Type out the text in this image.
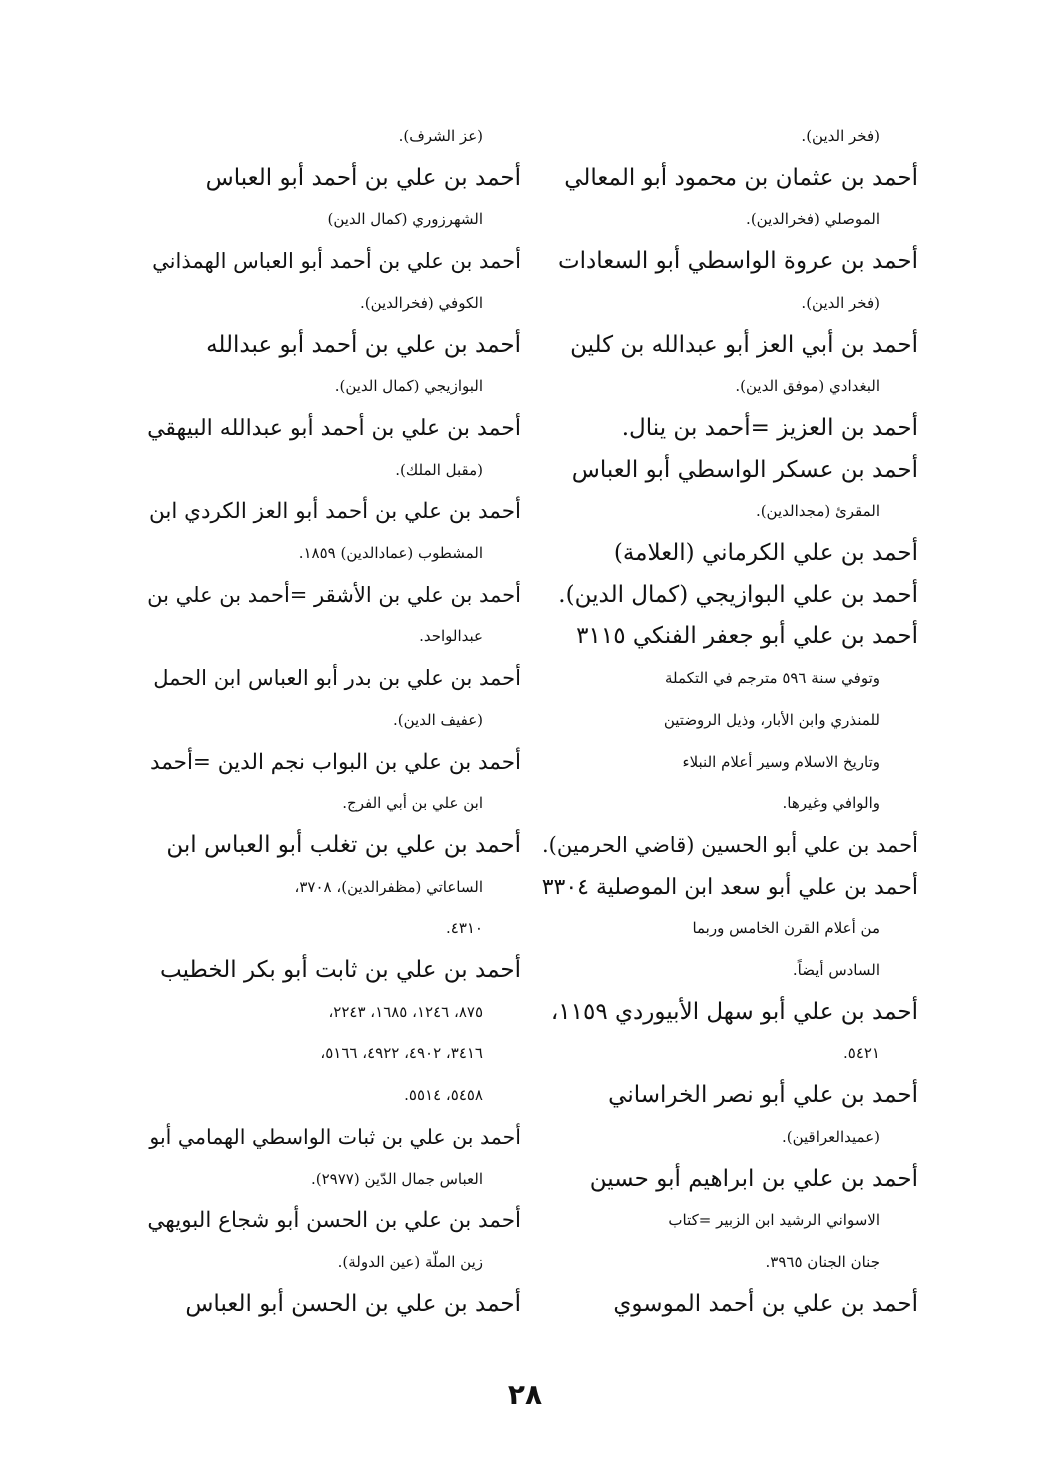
(فخر الدين).

أحمد بن عثمان بن محمود أبو المعالي

الموصلي (فخرالدين).

أحمد بن عروة الواسطي أبو السعادات

(فخر الدين).

أحمد بن أبي العز أبو عبدالله بن كلين

البغدادي (موفق الدين).

أحمد بن العزيز =أحمد بن ينال.

أحمد بن عسكر الواسطي أبو العباس

المقرئ (مجدالدين).

أحمد بن علي الكرماني (العلامة)

أحمد بن علي البوازيجي (كمال الدين).

أحمد بن علي أبو جعفر الفنكي ٣١١٥

وتوفي سنة ٥٩٦ مترجم في التكملة

للمنذري وابن الأبار، وذيل الروضتين

وتاريخ الاسلام وسير أعلام النبلاء

والوافي وغيرها.

أحمد بن علي أبو الحسين (قاضي الحرمين).

أحمد بن علي أبو سعد ابن الموصلية ٣٣٠٤

من أعلام القرن الخامس وربما

السادس أيضاً.

أحمد بن علي أبو سهل الأبيوردي ١١٥٩،

٥٤٢١.

أحمد بن علي أبو نصر الخراساني

(عميدالعراقين).

أحمد بن علي بن ابراهيم أبو حسين

الاسواني الرشيد ابن الزبير =كتاب

جنان الجنان ٣٩٦٥.

أحمد بن علي بن أحمد الموسوي

(عز الشرف).

أحمد بن علي بن أحمد أبو العباس

الشهرزوري (كمال الدين)

أحمد بن علي بن أحمد أبو العباس الهمذاني

الكوفي (فخرالدين).

أحمد بن علي بن أحمد أبو عبدالله

البوازيجي (كمال الدين).

أحمد بن علي بن أحمد أبو عبدالله البيهقي

(مقبل الملك).

أحمد بن علي بن أحمد أبو العز الكردي ابن

المشطوب (عمادالدين) ١٨٥٩.

أحمد بن علي بن الأشقر =أحمد بن علي بن

عبدالواحد.

أحمد بن علي بن بدر أبو العباس ابن الحمل

(عفيف الدين).

أحمد بن علي بن البواب نجم الدين =أحمد

ابن علي بن أبي الفرج.

أحمد بن علي بن تغلب أبو العباس ابن

الساعاتي (مظفرالدين)، ٣٧٠٨،

٤٣١٠.

أحمد بن علي بن ثابت أبو بكر الخطيب

٨٧٥، ١٢٤٦، ١٦٨٥، ٢٢٤٣،

٣٤١٦، ٤٩٠٢، ٤٩٢٢، ٥١٦٦،

٥٤٥٨، ٥٥١٤.

أحمد بن علي بن ثبات الواسطي الهمامي أبو

العباس جمال الدّين (٢٩٧٧).

أحمد بن علي بن الحسن أبو شجاع البويهي

زين الملّة (عين الدولة).

أحمد بن علي بن الحسن أبو العباس

٢٨
